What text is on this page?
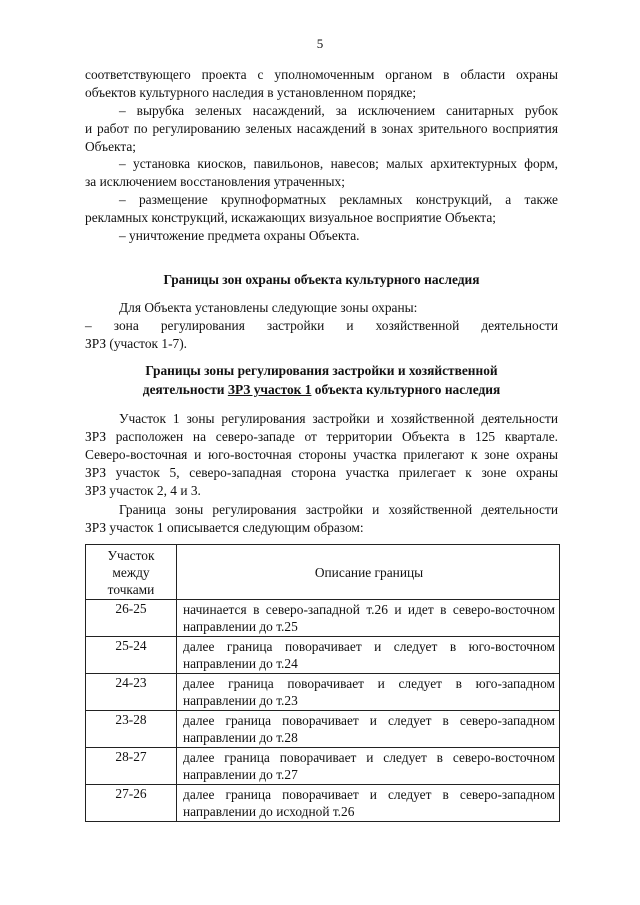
5
соответствующего проекта с уполномоченным органом в области охраны
объектов культурного наследия в установленном порядке;
– вырубка зеленых насаждений, за исключением санитарных рубок
и работ по регулированию зеленых насаждений в зонах зрительного восприятия
Объекта;
– установка киосков, павильонов, навесов; малых архитектурных форм,
за исключением восстановления утраченных;
– размещение крупноформатных рекламных конструкций, а также
рекламных конструкций, искажающих визуальное восприятие Объекта;
– уничтожение предмета охраны Объекта.
Границы зон охраны объекта культурного наследия
Для Объекта установлены следующие зоны охраны:
– зона регулирования застройки и хозяйственной деятельности
ЗРЗ (участок 1-7).
Границы зоны регулирования застройки и хозяйственной
деятельности ЗРЗ участок 1 объекта культурного наследия
Участок 1 зоны регулирования застройки и хозяйственной деятельности
ЗРЗ расположен на северо-западе от территории Объекта в 125 квартале.
Северо-восточная и юго-восточная стороны участка прилегают к зоне охраны
ЗРЗ участок 5, северо-западная сторона участка прилегает к зоне охраны
ЗРЗ участок 2, 4 и 3.
Граница зоны регулирования застройки и хозяйственной деятельности
ЗРЗ участок 1 описывается следующим образом:
Участок
между
точками	Описание границы
26-25	начинается в северо-западной т.26 и идет в северо-восточном
направлении до т.25

25-24	далее граница поворачивает и следует в юго-восточном
направлении до т.24

24-23	далее граница поворачивает и следует в юго-западном
направлении до т.23

23-28	далее граница поворачивает и следует в северо-западном
направлении до т.28

28-27	далее граница поворачивает и следует в северо-восточном
направлении до т.27

27-26	далее граница поворачивает и следует в северо-западном
направлении до исходной т.26
